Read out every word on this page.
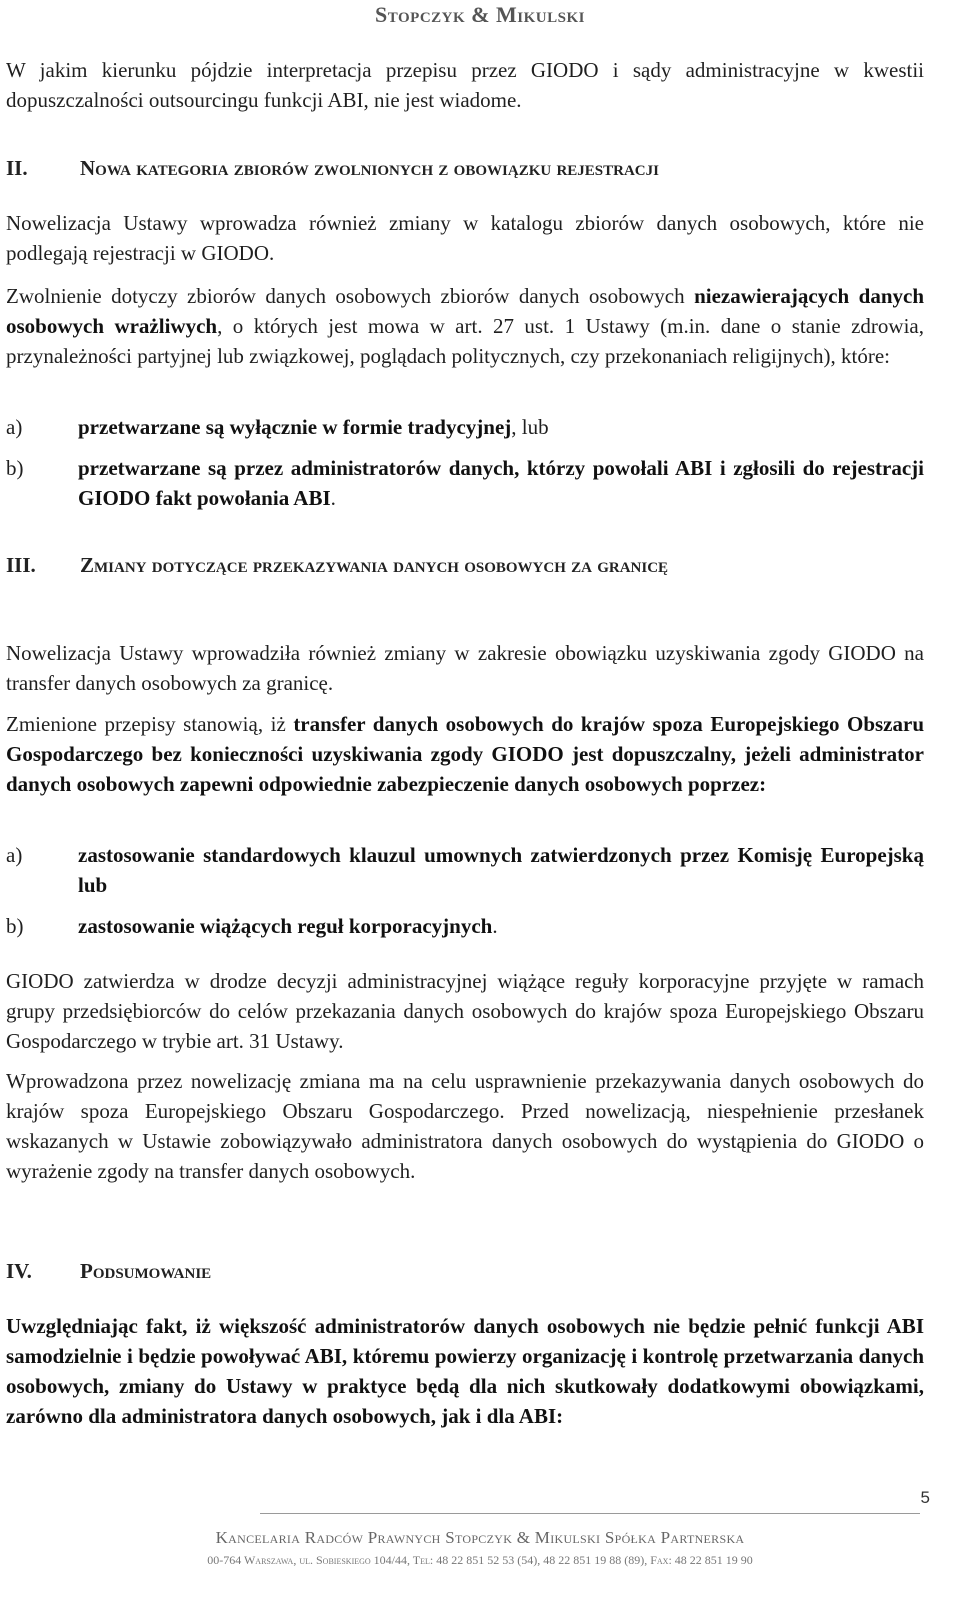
Stopczyk & Mikulski

W jakim kierunku pójdzie interpretacja przepisu przez GIODO i sądy administracyjne w kwestii dopuszczalności outsourcingu funkcji ABI, nie jest wiadome.

II. Nowa kategoria zbiorów zwolnionych z obowiązku rejestracji

Nowelizacja Ustawy wprowadza również zmiany w katalogu zbiorów danych osobowych, które nie podlegają rejestracji w GIODO.

Zwolnienie dotyczy zbiorów danych osobowych zbiorów danych osobowych niezawierających danych osobowych wrażliwych, o których jest mowa w art. 27 ust. 1 Ustawy (m.in. dane o stanie zdrowia, przynależności partyjnej lub związkowej, poglądach politycznych, czy przekonaniach religijnych), które:

a)	przetwarzane są wyłącznie w formie tradycyjnej, lub
b)	przetwarzane są przez administratorów danych, którzy powołali ABI i zgłosili do rejestracji GIODO fakt powołania ABI.
III. Zmiany dotyczące przekazywania danych osobowych za granicę

Nowelizacja Ustawy wprowadziła również zmiany w zakresie obowiązku uzyskiwania zgody GIODO na transfer danych osobowych za granicę.

Zmienione przepisy stanowią, iż transfer danych osobowych do krajów spoza Europejskiego Obszaru Gospodarczego bez konieczności uzyskiwania zgody GIODO jest dopuszczalny, jeżeli administrator danych osobowych zapewni odpowiednie zabezpieczenie danych osobowych poprzez:

a)	zastosowanie standardowych klauzul umownych zatwierdzonych przez Komisję Europejską lub
b)	zastosowanie wiążących reguł korporacyjnych.

GIODO zatwierdza w drodze decyzji administracyjnej wiążące reguły korporacyjne przyjęte w ramach grupy przedsiębiorców do celów przekazania danych osobowych do krajów spoza Europejskiego Obszaru Gospodarczego w trybie art. 31 Ustawy.

Wprowadzona przez nowelizację zmiana ma na celu usprawnienie przekazywania danych osobowych do krajów spoza Europejskiego Obszaru Gospodarczego. Przed nowelizacją, niespełnienie przesłanek wskazanych w Ustawie zobowiązywało administratora danych osobowych do wystąpienia do GIODO o wyrażenie zgody na transfer danych osobowych.

IV. Podsumowanie

Uwzględniając fakt, iż większość administratorów danych osobowych nie będzie pełnić funkcji ABI samodzielnie i będzie powoływać ABI, któremu powierzy organizację i kontrolę przetwarzania danych osobowych, zmiany do Ustawy w praktyce będą dla nich skutkowały dodatkowymi obowiązkami, zarówno dla administratora danych osobowych, jak i dla ABI:

5
Kancelaria Radców Prawnych Stopczyk & Mikulski Spółka Partnerska
00-764 Warszawa, ul. Sobieskiego 104/44, Tel: 48 22 851 52 53 (54), 48 22 851 19 88 (89), Fax: 48 22 851 19 90
